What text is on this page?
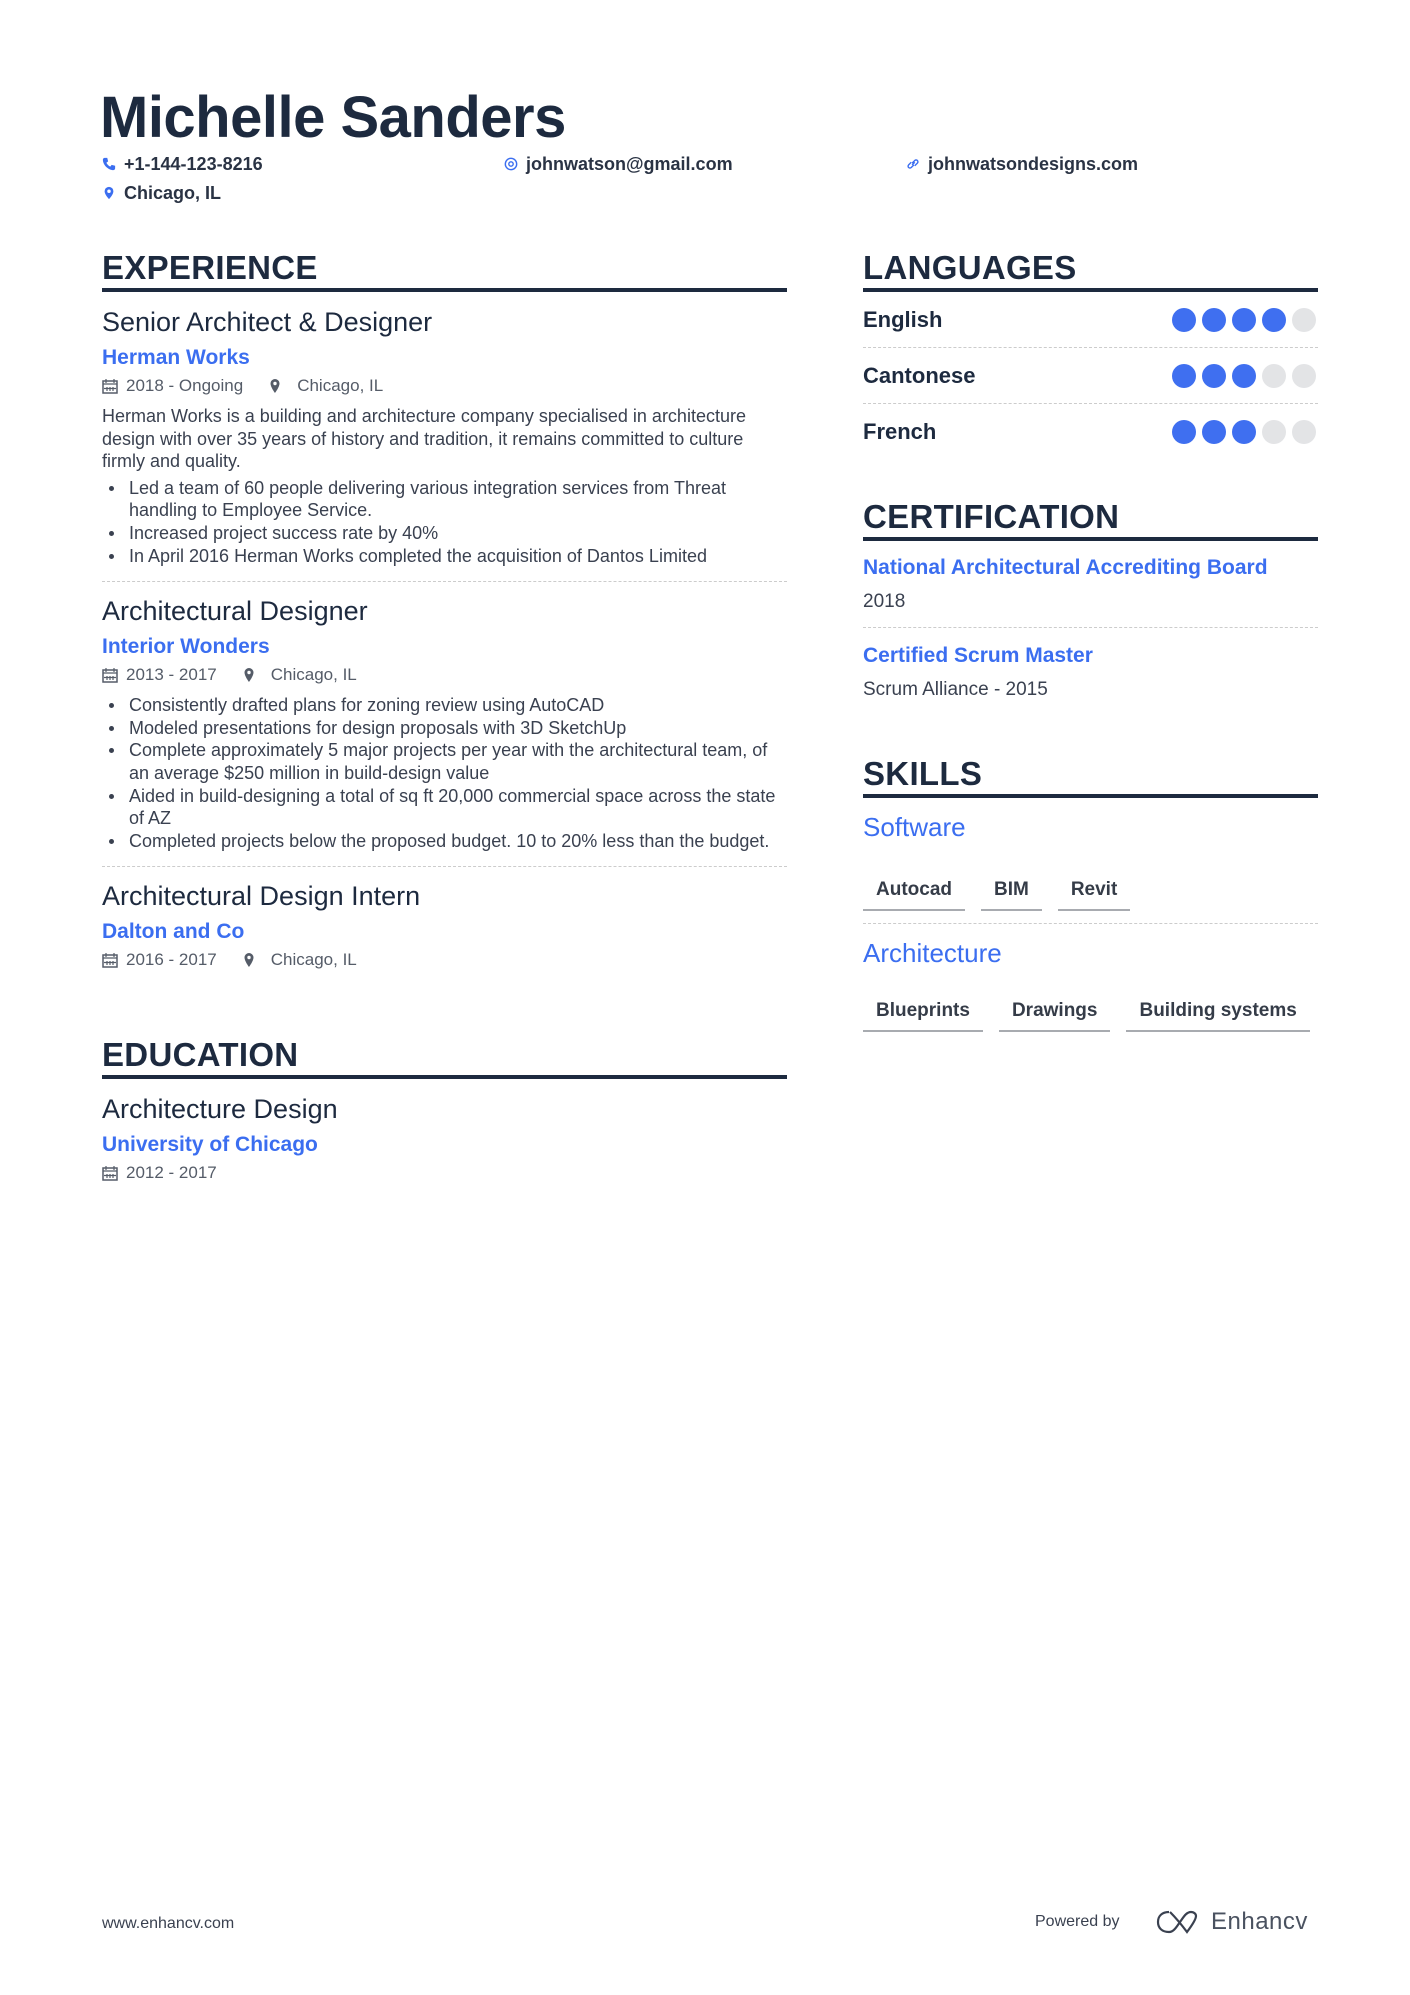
Michelle Sanders
+1-144-123-8216	johnwatson@gmail.com	johnwatsondesigns.com
Chicago, IL
EXPERIENCE
Senior Architect & Designer
Herman Works
2018 - Ongoing	Chicago, IL
Herman Works is a building and architecture company specialised in architecture design with over 35 years of history and tradition, it remains committed to culture firmly and quality.
Led a team of 60 people delivering various integration services from Threat handling to Employee Service.
Increased project success rate by 40%
In April 2016 Herman Works completed the acquisition of Dantos Limited
Architectural Designer
Interior Wonders
2013 - 2017	Chicago, IL
Consistently drafted plans for zoning review using AutoCAD
Modeled presentations for design proposals with 3D SketchUp
Complete approximately 5 major projects per year with the architectural team, of an average $250 million in build-design value
Aided in build-designing a total of sq ft 20,000 commercial space across the state of AZ
Completed projects below the proposed budget. 10 to 20% less than the budget.
Architectural Design Intern
Dalton and Co
2016 - 2017	Chicago, IL
EDUCATION
Architecture Design
University of Chicago
2012 - 2017
LANGUAGES
English
Cantonese
French
CERTIFICATION
National Architectural Accrediting Board
2018
Certified Scrum Master
Scrum Alliance - 2015
SKILLS
Software
Autocad	BIM	Revit
Architecture
Blueprints	Drawings	Building systems
www.enhancv.com	Powered by	Enhancv
